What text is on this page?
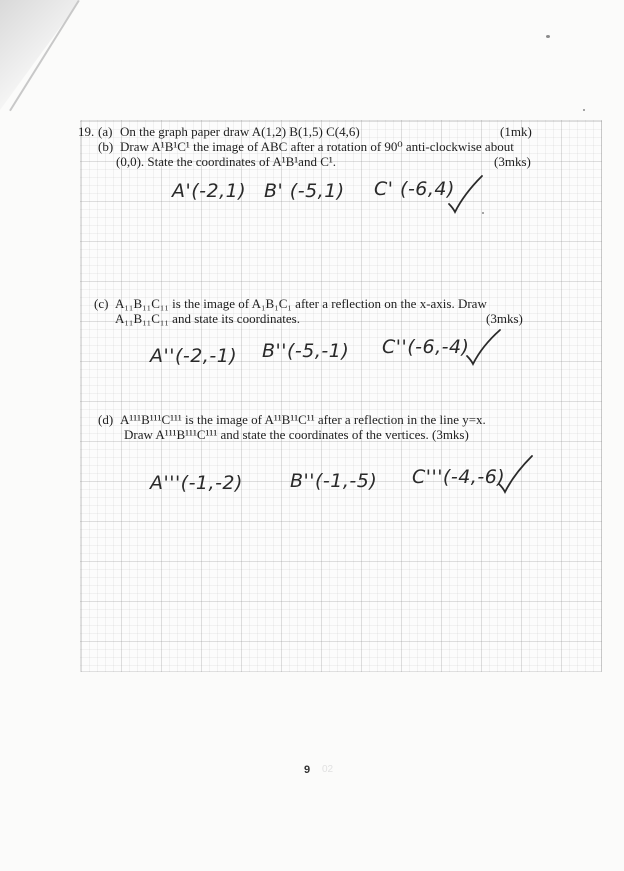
19. (a) On the graph paper draw A(1,2) B(1,5) C(4,6)	(1mk)
(b) Draw A¹B¹C¹ the image of ABC after a rotation of 90⁰ anti-clockwise about
(0,0). State the coordinates of A¹B¹and C¹.	(3mks)
A'(-2,1) B' (-5,1) C' (-6,4)
(c) A₁₁B₁₁C₁₁ is the image of A₁B₁C₁ after a reflection on the x-axis. Draw
A₁₁B₁₁C₁₁ and state its coordinates.	(3mks)
A''(-2,-1) B''(-5,-1) C''(-6,-4)
(d) A¹¹¹B¹¹¹C¹¹¹ is the image of A¹¹B¹¹C¹¹ after a reflection in the line y=x.
Draw A¹¹¹B¹¹¹C¹¹¹ and state the coordinates of the vertices. (3mks)
A'''(-1,-2) B''(-1,-5) C'''(-4,-6)
9 02
